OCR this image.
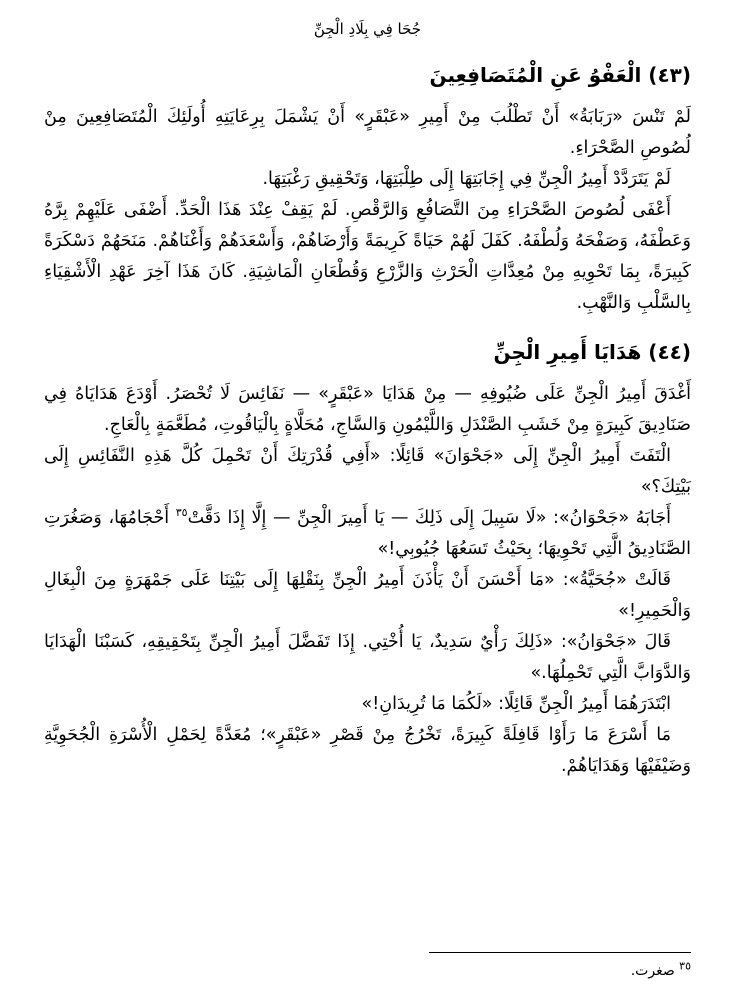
جُحَا فِي بِلَادِ الْجِنِّ
(٤٣) الْعَفْوُ عَنِ الْمُتَصَافِعِينَ

لَمْ تَنْسَ «رَبَابَةُ» أَنْ تَطْلُبَ مِنْ أَمِيرِ «عَبْقَرٍ» أَنْ يَشْمَلَ بِرِعَايَتِهِ أُولَئِكَ الْمُتَصَافِعِينَ مِنْ لُصُوصِ الصَّحْرَاءِ.

لَمْ يَتَرَدَّدْ أَمِيرُ الْجِنِّ فِي إِجَابَتِهَا إِلَى طِلْبَتِهَا، وَتَحْقِيقِ رَغْبَتِهَا.

أَعْفَى لُصُوصَ الصَّحْرَاءِ مِنَ التَّصَافُعِ وَالرَّقْصِ. لَمْ يَقِفْ عِنْدَ هَذَا الْحَدِّ. أَضْفَى عَلَيْهِمْ بِرَّهُ وَعَطْفَهُ، وَصَفْحَهُ وَلُطْفَهُ. كَفَلَ لَهُمْ حَيَاةً كَرِيمَةً وَأَرْضَاهُمْ، وَأَسْعَدَهُمْ وَأَغْنَاهُمْ. مَنَحَهُمْ دَسْكَرَةً كَبِيرَةً، بِمَا تَحْوِيهِ مِنْ مُعِدَّاتِ الْحَرْثِ وَالزَّرْعِ وَقُطْعَانِ الْمَاشِيَةِ. كَانَ هَذَا آخِرَ عَهْدِ الْأَشْقِيَاءِ بِالسَّلْبِ وَالنَّهْبِ.

(٤٤) هَدَايَا أَمِيرِ الْجِنِّ

أَغْدَقَ أَمِيرُ الْجِنِّ عَلَى ضُيُوفِهِ — مِنْ هَدَايَا «عَبْقَرٍ» — نَفَائِسَ لَا تُحْصَرُ. أَوْدَعَ هَدَايَاهُ فِي صَنَادِيقَ كَبِيرَةٍ مِنْ خَشَبِ الصَّنْدَلِ وَاللَّيْمُونِ وَالسَّاجِ، مُحَلَّاةٍ بِالْيَاقُوتِ، مُطَعَّمَةٍ بِالْعَاجِ.

الْتَفَتَ أَمِيرُ الْجِنِّ إِلَى «جَحْوَانَ» قَائِلًا: «أَفِي قُدْرَتِكَ أَنْ تَحْمِلَ كُلَّ هَذِهِ النَّفَائِسِ إِلَى بَيْتِكَ؟»

أَجَابَهُ «جَحْوَانُ»: «لَا سَبِيلَ إِلَى ذَلِكَ — يَا أَمِيرَ الْجِنِّ — إِلَّا إِذَا دَقَّتْ$^{٣٥}$ أَحْجَامُهَا، وَصَغُرَتِ الصَّنَادِيقُ الَّتِي تَحْوِيهَا؛ بِحَيْثُ تَسَعُهَا جُيُوبِي!»

قَالَتْ «جُحَيَّةُ»: «مَا أَحْسَنَ أَنْ يَأْذَنَ أَمِيرُ الْجِنِّ بِنَقْلِهَا إِلَى بَيْتِنَا عَلَى جَمْهَرَةٍ مِنَ الْبِغَالِ وَالْحَمِيرِ!»

قَالَ «جَحْوَانُ»: «ذَلِكَ رَأْيٌ سَدِيدٌ، يَا أُخْتِي. إِذَا تَفَضَّلَ أَمِيرُ الْجِنِّ بِتَحْقِيقِهِ، كَسَبْنَا الْهَدَايَا وَالدَّوَابَّ الَّتِي تَحْمِلُهَا.»

ابْتَدَرَهُمَا أَمِيرُ الْجِنِّ قَائِلًا: «لَكُمَا مَا تُرِيدَانِ!»

مَا أَسْرَعَ مَا رَأَوْا قَافِلَةً كَبِيرَةً، تَخْرُجُ مِنْ قَصْرِ «عَبْقَرٍ»؛ مُعَدَّةً لِحَمْلِ الْأُسْرَةِ الْجُحَوِيَّةِ وَضَيْفَيْهَا وَهَدَايَاهُمْ.

$^{٣٥}$ صغرت.
